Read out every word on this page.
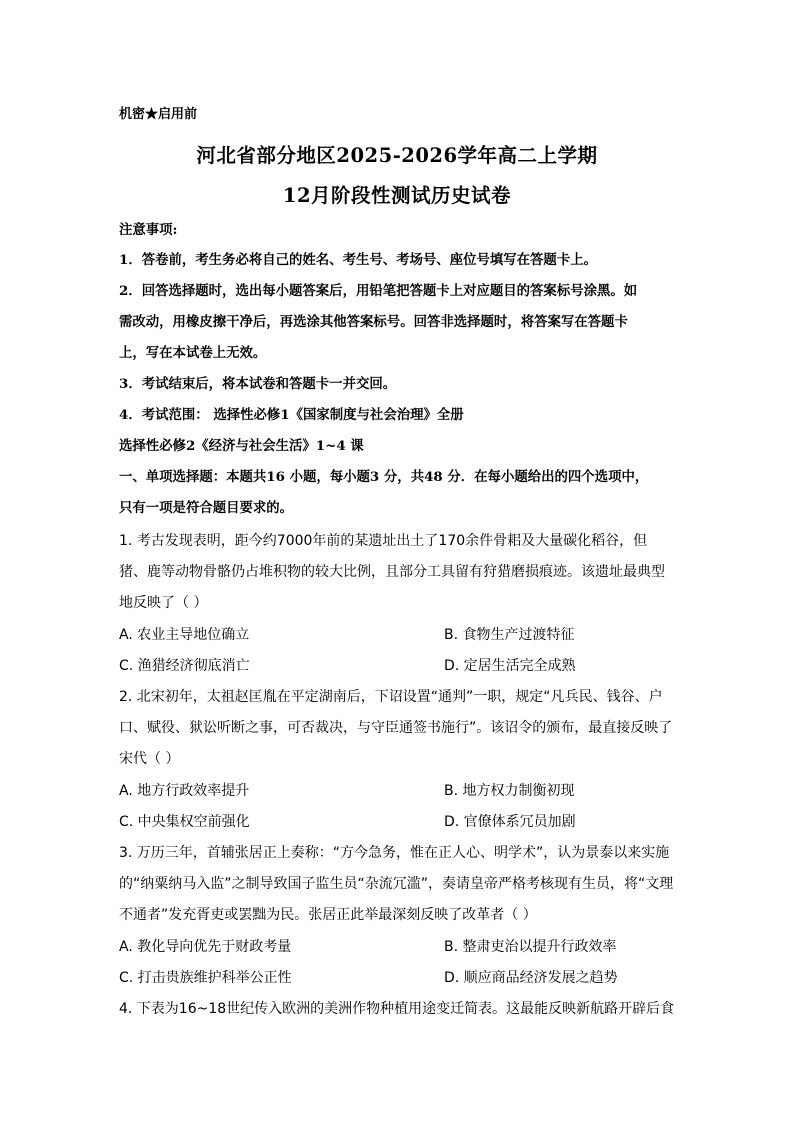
机密★启用前
河北省部分地区2025-2026学年高二上学期
12月阶段性测试历史试卷
注意事项:
1．答卷前，考生务必将自己的姓名、考生号、考场号、座位号填写在答题卡上。
2．回答选择题时，选出每小题答案后，用铅笔把答题卡上对应题目的答案标号涂黑。如
需改动，用橡皮擦干净后，再选涂其他答案标号。回答非选择题时，将答案写在答题卡
上，写在本试卷上无效。
3．考试结束后，将本试卷和答题卡一并交回。
4．考试范围： 选择性必修1《国家制度与社会治理》全册
选择性必修2《经济与社会生活》1~4 课
一、单项选择题：本题共16 小题，每小题3 分，共48 分．在每小题给出的四个选项中，
只有一项是符合题目要求的。
1. 考古发现表明，距今约7000年前的某遗址出土了170余件骨耜及大量碳化稻谷，但
猪、鹿等动物骨骼仍占堆积物的较大比例，且部分工具留有狩猎磨损痕迹。该遗址最典型
地反映了（ ）
A. 农业主导地位确立	B. 食物生产过渡特征
C. 渔猎经济彻底消亡	D. 定居生活完全成熟
2. 北宋初年，太祖赵匡胤在平定湖南后，下诏设置“通判”一职，规定“凡兵民、钱谷、户
口、赋役、狱讼听断之事，可否裁决，与守臣通签书施行”。该诏令的颁布，最直接反映了
宋代（ ）
A. 地方行政效率提升	B. 地方权力制衡初现
C. 中央集权空前强化	D. 官僚体系冗员加剧
3. 万历三年，首辅张居正上奏称：“方今急务，惟在正人心、明学术”，认为景泰以来实施
的“纳粟纳马入监”之制导致国子监生员“杂流冗滥”，奏请皇帝严格考核现有生员，将“文理
不通者”发充胥吏或罢黜为民。张居正此举最深刻反映了改革者（ ）
A. 教化导向优先于财政考量	B. 整肃吏治以提升行政效率
C. 打击贵族维护科举公正性	D. 顺应商品经济发展之趋势
4. 下表为16~18世纪传入欧洲的美洲作物种植用途变迁简表。这最能反映新航路开辟后食
